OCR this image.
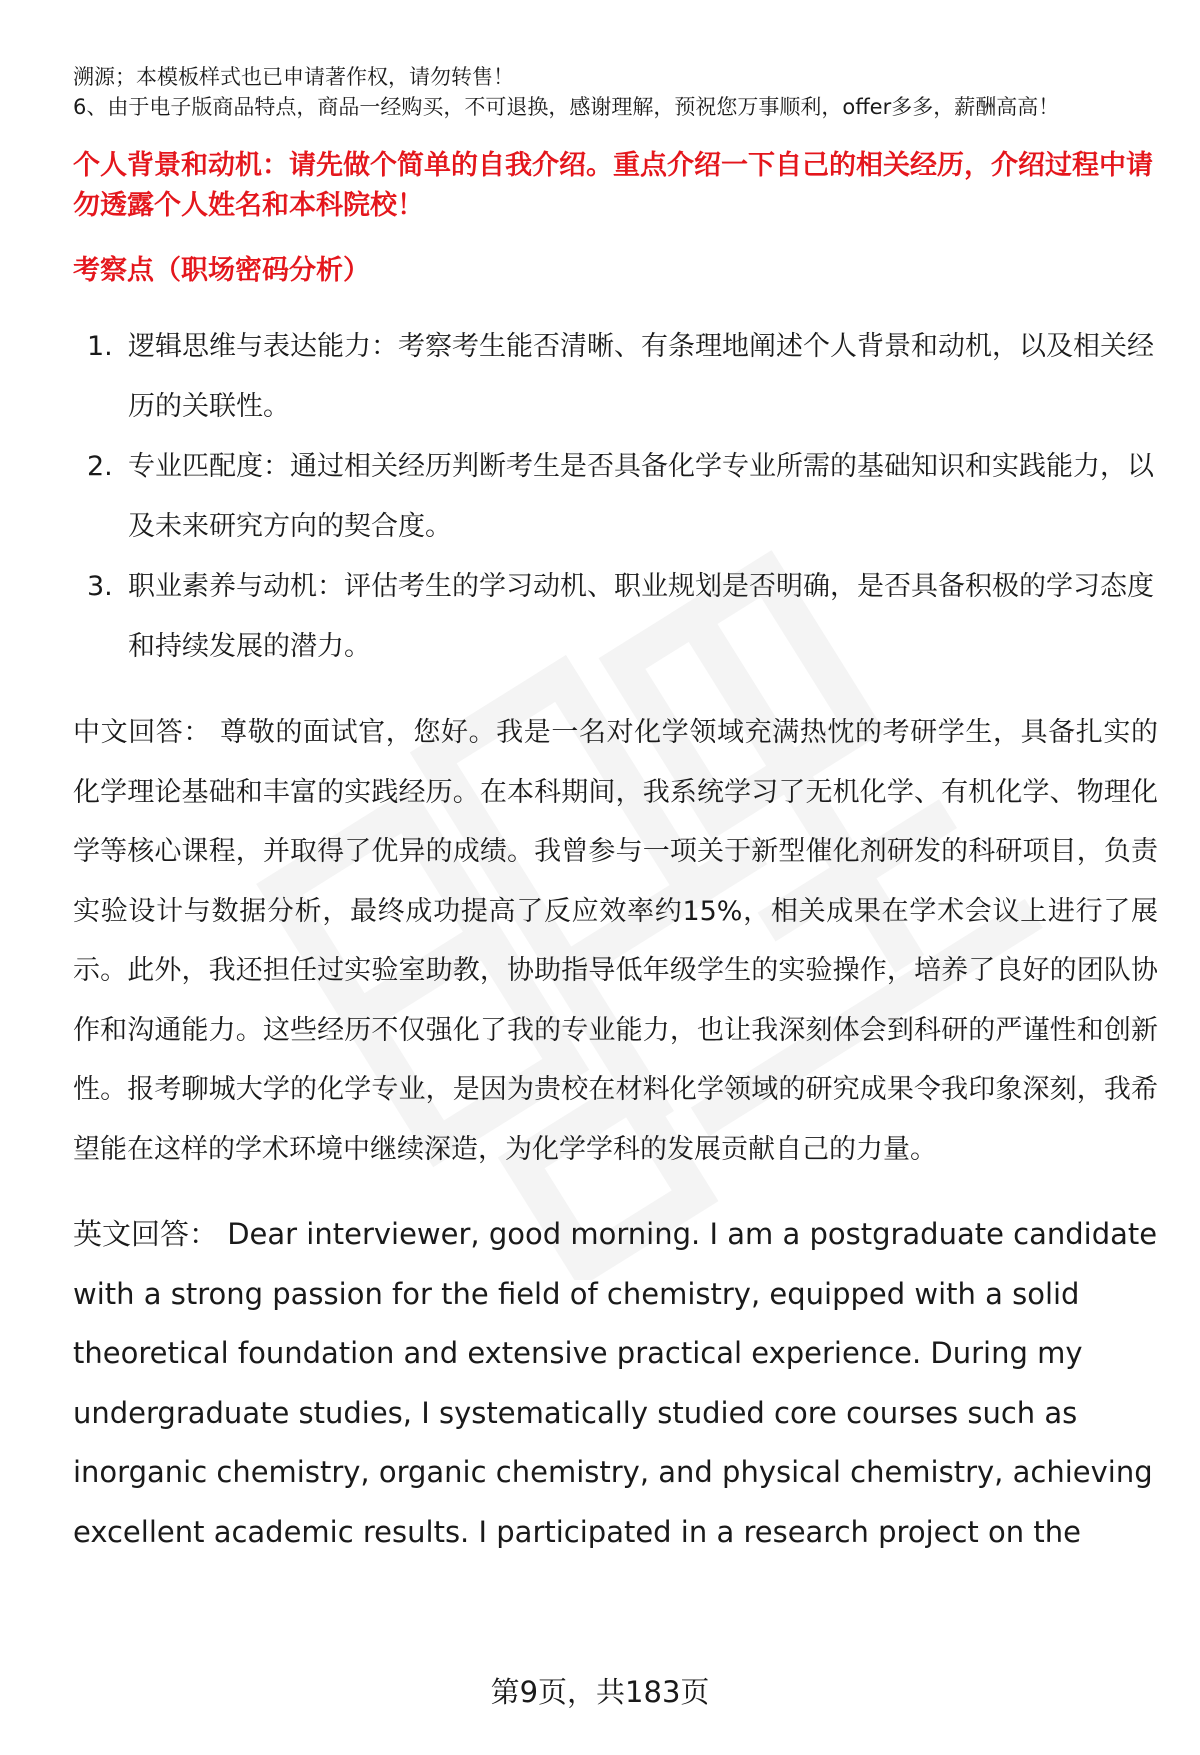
溯源；本模板样式也已申请著作权，请勿转售！
6、由于电子版商品特点，商品一经购买，不可退换，感谢理解，预祝您万事顺利，offer多多，薪酬高高！
个人背景和动机：请先做个简单的自我介绍。重点介绍一下自己的相关经历，介绍过程中请勿透露个人姓名和本科院校！
考察点（职场密码分析）
1. 逻辑思维与表达能力：考察考生能否清晰、有条理地阐述个人背景和动机，以及相关经历的关联性。
2. 专业匹配度：通过相关经历判断考生是否具备化学专业所需的基础知识和实践能力，以及未来研究方向的契合度。
3. 职业素养与动机：评估考生的学习动机、职业规划是否明确，是否具备积极的学习态度和持续发展的潜力。
中文回答： 尊敬的面试官，您好。我是一名对化学领域充满热忱的考研学生，具备扎实的化学理论基础和丰富的实践经历。在本科期间，我系统学习了无机化学、有机化学、物理化学等核心课程，并取得了优异的成绩。我曾参与一项关于新型催化剂研发的科研项目，负责实验设计与数据分析，最终成功提高了反应效率约15%，相关成果在学术会议上进行了展示。此外，我还担任过实验室助教，协助指导低年级学生的实验操作，培养了良好的团队协作和沟通能力。这些经历不仅强化了我的专业能力，也让我深刻体会到科研的严谨性和创新性。报考聊城大学的化学专业，是因为贵校在材料化学领域的研究成果令我印象深刻，我希望能在这样的学术环境中继续深造，为化学学科的发展贡献自己的力量。
英文回答： Dear interviewer, good morning. I am a postgraduate candidate with a strong passion for the field of chemistry, equipped with a solid theoretical foundation and extensive practical experience. During my undergraduate studies, I systematically studied core courses such as inorganic chemistry, organic chemistry, and physical chemistry, achieving excellent academic results. I participated in a research project on the
第9页，共183页
